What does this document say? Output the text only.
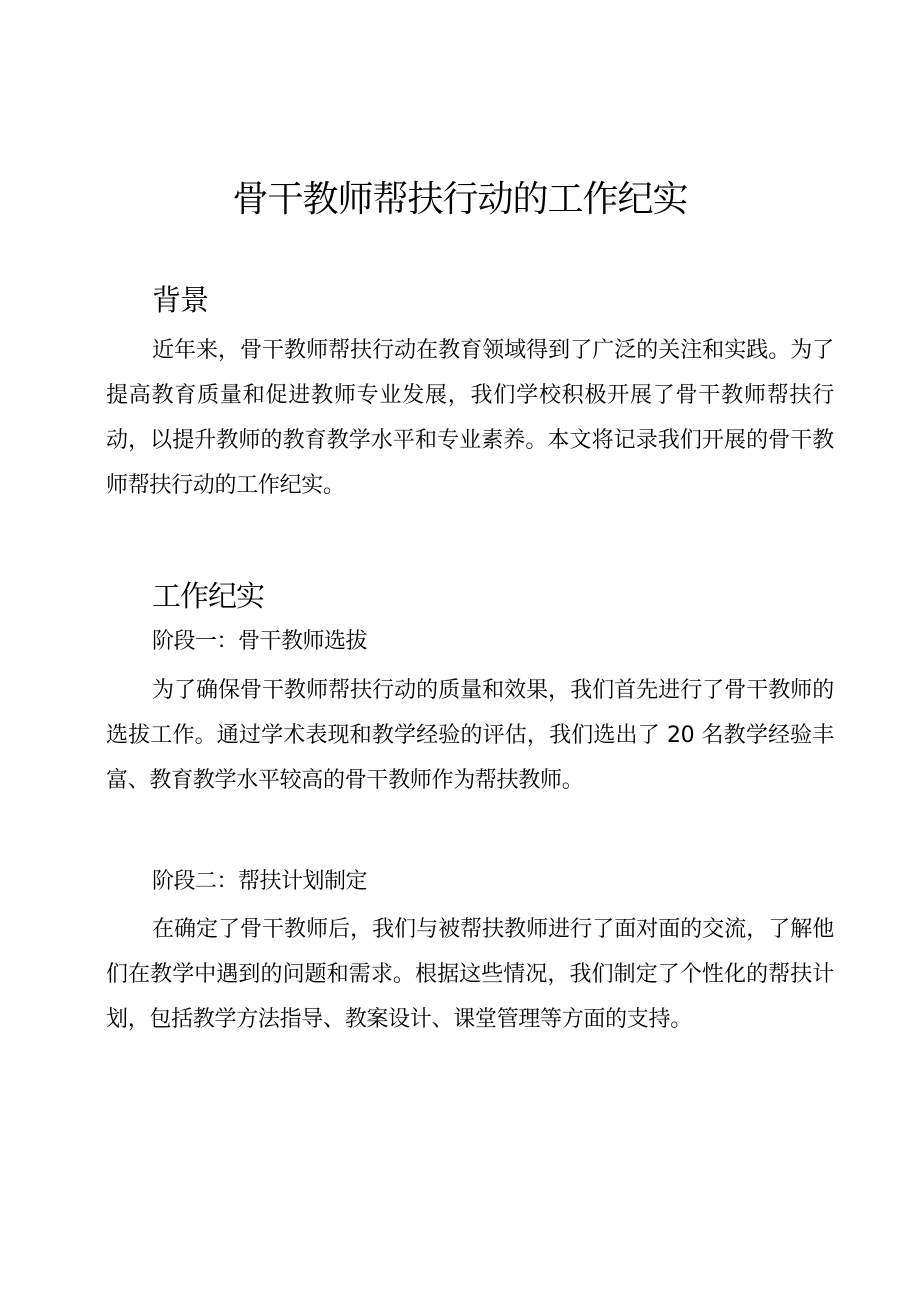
骨干教师帮扶行动的工作纪实
背景

近年来，骨干教师帮扶行动在教育领域得到了广泛的关注和实践。为了提高教育质量和促进教师专业发展，我们学校积极开展了骨干教师帮扶行动，以提升教师的教育教学水平和专业素养。本文将记录我们开展的骨干教师帮扶行动的工作纪实。

工作纪实
阶段一：骨干教师选拔

为了确保骨干教师帮扶行动的质量和效果，我们首先进行了骨干教师的选拔工作。通过学术表现和教学经验的评估，我们选出了 20 名教学经验丰富、教育教学水平较高的骨干教师作为帮扶教师。

阶段二：帮扶计划制定

在确定了骨干教师后，我们与被帮扶教师进行了面对面的交流，了解他们在教学中遇到的问题和需求。根据这些情况，我们制定了个性化的帮扶计划，包括教学方法指导、教案设计、课堂管理等方面的支持。
